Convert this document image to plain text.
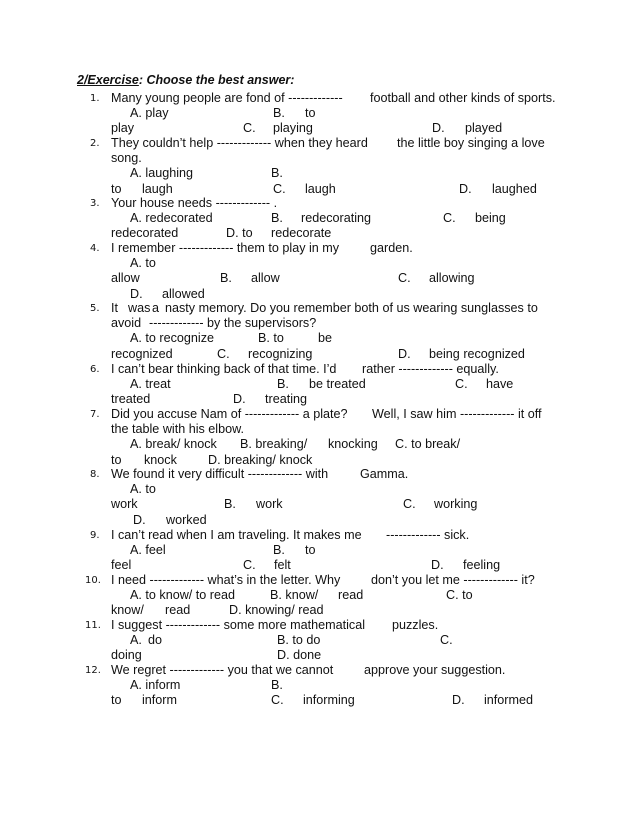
2/Exercise: Choose the best answer:
1. Many young people are fond of ------------- football and other kinds of sports.
A. play	B. to
play	C. playing	D. played
2. They couldn’t help ------------- when they heard the little boy singing a love
song.
A. laughing	B.
to laugh	C. laugh	D. laughed
3. Your house needs ------------- .
A. redecorated	B. redecorating	C. being
redecorated	D. to redecorate
4. I remember ------------- them to play in my garden.
A. to
allow	B. allow	C. allowing
D. allowed
5. It was a nasty memory. Do you remember both of us wearing sunglasses to
avoid ------------- by the supervisors?
A. to recognize	B. to	be
recognized	C. recognizing	D. being recognized
6. I can’t bear thinking back of that time. I’d rather ------------- equally.
A. treat	B. be treated	C. have
treated	D. treating
7. Did you accuse Nam of ------------- a plate? Well, I saw him ------------- it off
the table with his elbow.
A. break/ knock B. breaking/ knocking C. to break/
to knock D. breaking/ knock
8. We found it very difficult ------------- with	Gamma.
A. to
work	B. work	C. working
D. worked
9. I can’t read when I am traveling. It makes me ------------- sick.
A. feel	B. to
feel	C. felt	D. feeling
10. I need ------------- what’s in the letter. Why don’t you let me ------------- it?
A. to know/ to read	B. know/ read	C. to
know/ read	D. knowing/ read
11. I suggest ------------- some more mathematical puzzles.
A. do	B. to do	C.
doing	D. done
12. We regret ------------- you that we cannot approve your suggestion.
A. inform	B.
to inform	C. informing	D. informed
